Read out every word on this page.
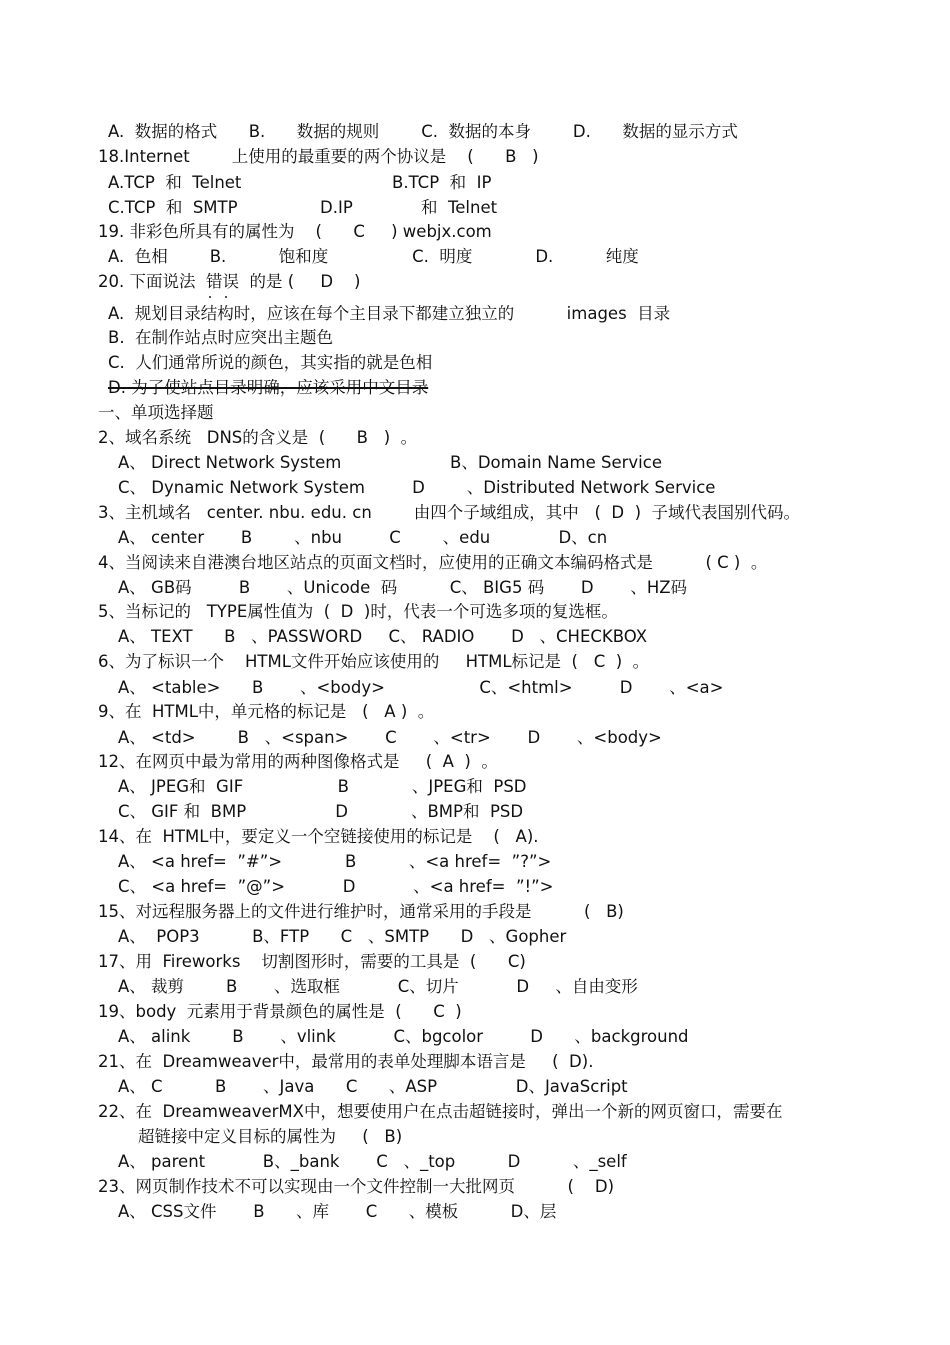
A.  数据的格式      B.      数据的规则        C.  数据的本身        D.      数据的显示方式
18.Internet        上使用的最重要的两个协议是    (      B   )
A.TCP  和  Telnet	B.TCP  和  IP
C.TCP  和  SMTP	D.IP	和  Telnet
19. 非彩色所具有的属性为    (      C     ) webjx.com
A.  色相        B.          饱和度                C.  明度            D.          纯度
20. 下面说法  错误  的是 (     D    )
A.  规划目录结构时，应该在每个主目录下都建立独立的          images  目录
B.  在制作站点时应突出主题色
C.  人们通常所说的颜色，其实指的就是色相
D. 为了使站点目录明确，应该采用中文目录
一、单项选择题
2、域名系统   DNS的含义是  (      B   )  。
A、 Direct Network System	B、Domain Name Service
C、 Dynamic Network System         D        、Distributed Network Service
3、主机域名   center. nbu. edu. cn        由四个子域组成，其中   (  D  )  子域代表国别代码。
A、 center       B        、nbu         C        、edu             D、cn
4、当阅读来自港澳台地区站点的页面文档时，应使用的正确文本编码格式是          ( C )  。
A、 GB码         B       、Unicode  码          C、 BIG5 码       D       、HZ码
5、当标记的   TYPE属性值为  (  D  )时，代表一个可选多项的复选框。
A、 TEXT      B   、PASSWORD     C、 RADIO       D   、CHECKBOX
6、为了标识一个    HTML文件开始应该使用的     HTML标记是  (   C  )  。
A、 <table>      B       、<body>                  C、<html>         D       、<a>
9、在  HTML中，单元格的标记是   (   A )  。
A、 <td>        B   、<span>       C       、<tr>       D       、<body>
12、在网页中最为常用的两种图像格式是     (  A  )  。
A、 JPEG和  GIF                  B            、JPEG和  PSD
C、 GIF 和  BMP                 D            、BMP和  PSD
14、在  HTML中，要定义一个空链接使用的标记是    (   A).
A、 <a href=  ”#”>            B          、<a href=  ”?”>
C、 <a href=  ”@”>           D           、<a href=  ”!”>
15、对远程服务器上的文件进行维护时，通常采用的手段是          (   B)
A、  POP3          B、FTP      C   、SMTP      D   、Gopher
17、用  Fireworks    切割图形时，需要的工具是  (      C)
A、 裁剪        B       、选取框           C、切片           D     、自由变形
19、body  元素用于背景颜色的属性是  (      C  )
A、 alink        B       、vlink           C、bgcolor         D      、background
21、在  Dreamweaver中，最常用的表单处理脚本语言是     (  D).
A、 C          B       、Java      C      、ASP               D、JavaScript
22、在  DreamweaverMX中，想要使用户在点击超链接时，弹出一个新的网页窗口，需要在
超链接中定义目标的属性为     (   B)
A、 parent           B、_bank       C   、_top          D          、_self
23、网页制作技术不可以实现由一个文件控制一大批网页          (    D)
A、 CSS文件       B      、库       C      、模板          D、层
